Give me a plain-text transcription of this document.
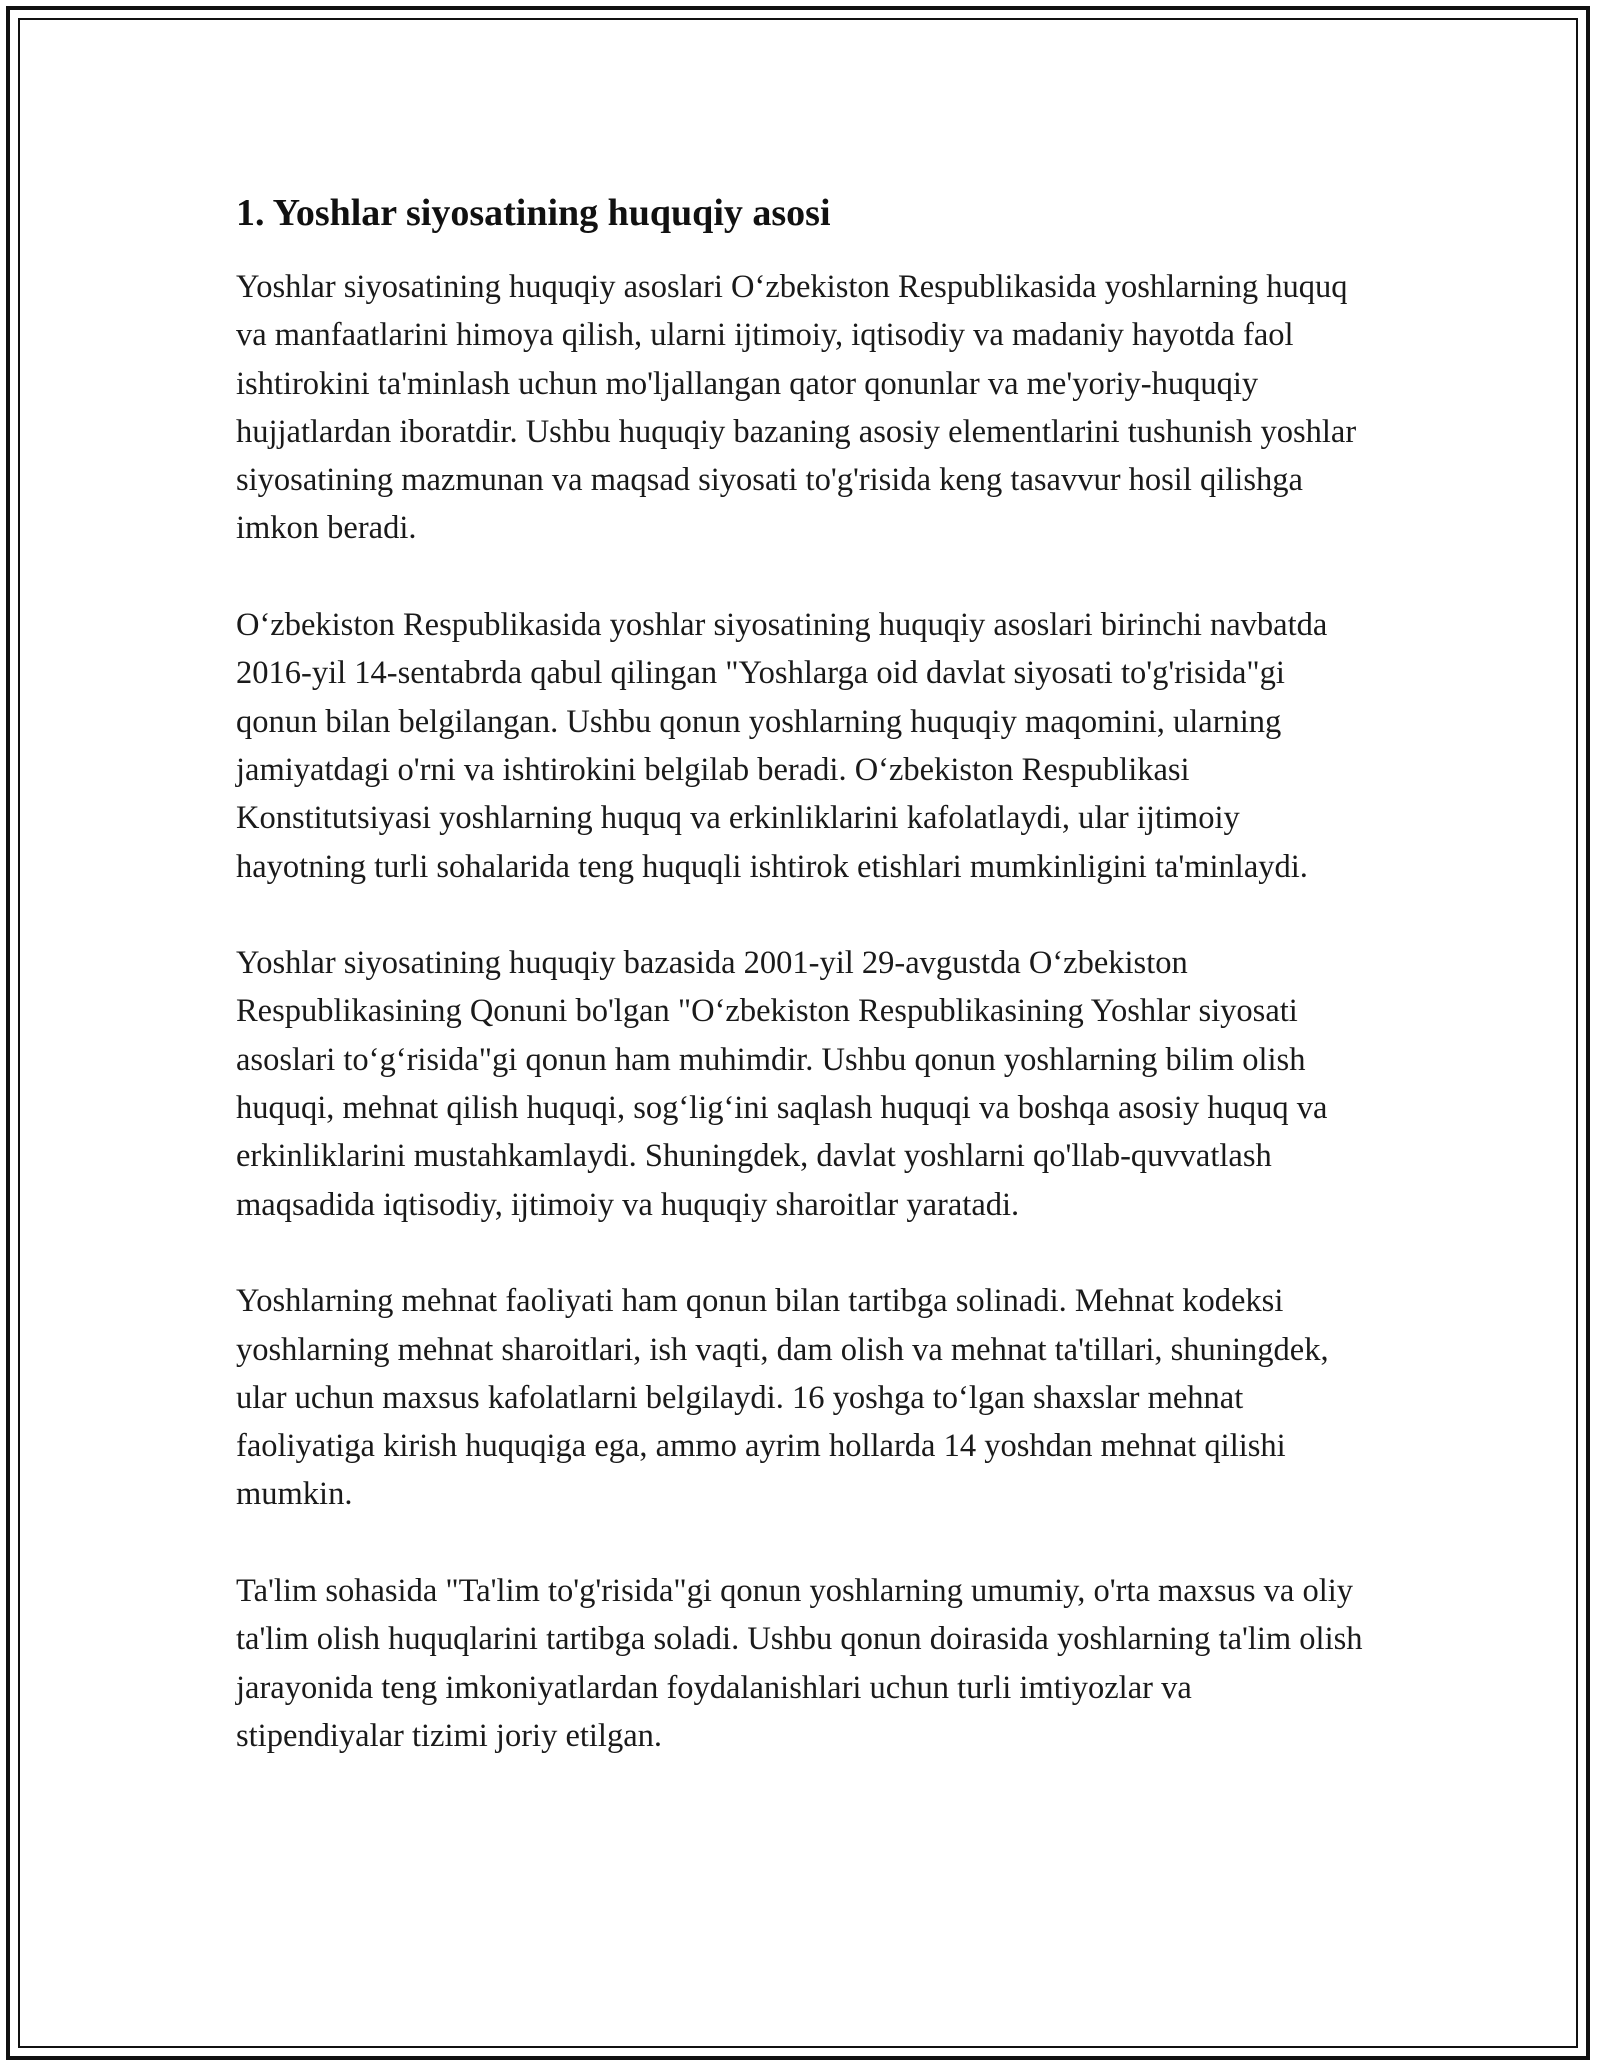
1. Yoshlar siyosatining huquqiy asosi

Yoshlar siyosatining huquqiy asoslari O‘zbekiston Respublikasida yoshlarning huquq va manfaatlarini himoya qilish, ularni ijtimoiy, iqtisodiy va madaniy hayotda faol ishtirokini ta'minlash uchun mo'ljallangan qator qonunlar va me'yoriy-huquqiy hujjatlardan iboratdir. Ushbu huquqiy bazaning asosiy elementlarini tushunish yoshlar siyosatining mazmunan va maqsad siyosati to'g'risida keng tasavvur hosil qilishga imkon beradi.

O‘zbekiston Respublikasida yoshlar siyosatining huquqiy asoslari birinchi navbatda 2016-yil 14-sentabrda qabul qilingan "Yoshlarga oid davlat siyosati to'g'risida"gi qonun bilan belgilangan. Ushbu qonun yoshlarning huquqiy maqomini, ularning jamiyatdagi o'rni va ishtirokini belgilab beradi. O‘zbekiston Respublikasi Konstitutsiyasi yoshlarning huquq va erkinliklarini kafolatlaydi, ular ijtimoiy hayotning turli sohalarida teng huquqli ishtirok etishlari mumkinligini ta'minlaydi.

Yoshlar siyosatining huquqiy bazasida 2001-yil 29-avgustda O‘zbekiston Respublikasining Qonuni bo'lgan "O‘zbekiston Respublikasining Yoshlar siyosati asoslari to‘g‘risida"gi qonun ham muhimdir. Ushbu qonun yoshlarning bilim olish huquqi, mehnat qilish huquqi, sog‘lig‘ini saqlash huquqi va boshqa asosiy huquq va erkinliklarini mustahkamlaydi. Shuningdek, davlat yoshlarni qo'llab-quvvatlash maqsadida iqtisodiy, ijtimoiy va huquqiy sharoitlar yaratadi.

Yoshlarning mehnat faoliyati ham qonun bilan tartibga solinadi. Mehnat kodeksi yoshlarning mehnat sharoitlari, ish vaqti, dam olish va mehnat ta'tillari, shuningdek, ular uchun maxsus kafolatlarni belgilaydi. 16 yoshga to‘lgan shaxslar mehnat faoliyatiga kirish huquqiga ega, ammo ayrim hollarda 14 yoshdan mehnat qilishi mumkin.

Ta'lim sohasida "Ta'lim to'g'risida"gi qonun yoshlarning umumiy, o'rta maxsus va oliy ta'lim olish huquqlarini tartibga soladi. Ushbu qonun doirasida yoshlarning ta'lim olish jarayonida teng imkoniyatlardan foydalanishlari uchun turli imtiyozlar va stipendiyalar tizimi joriy etilgan.
